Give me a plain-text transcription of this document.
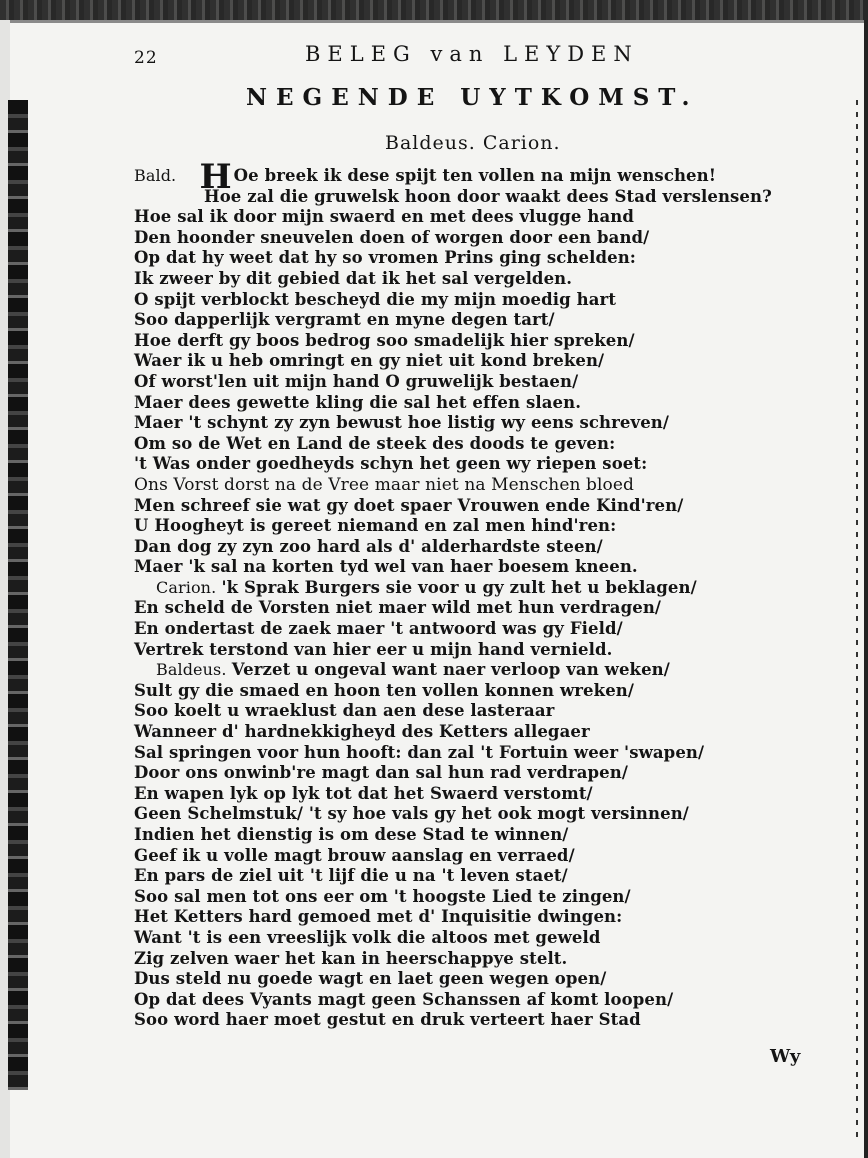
22	BELEG van LEYDEN
NEGENDE UYTKOMST.
Baldeus. Carion.
Bald. H Oe breek ik dese spijt ten vollen na mijn wenschen!
Hoe zal die gruwelsk hoon door waakt dees Stad verslensen?
Hoe sal ik door mijn swaerd en met dees vlugge hand
Den hoonder sneuvelen doen of worgen door een band/
Op dat hy weet dat hy so vromen Prins ging schelden:
Ik zweer by dit gebied dat ik het sal vergelden.
O spijt verblockt bescheyd die my mijn moedig hart
Soo dapperlijk vergramt en myne degen tart/
Hoe derft gy boos bedrog soo smadelijk hier spreken/
Waer ik u heb omringt en gy niet uit kond breken/
Of worst'len uit mijn hand O gruwelijk bestaen/
Maer dees gewette kling die sal het effen slaen.
Maer 't schynt zy zyn bewust hoe listig wy eens schreven/
Om so de Wet en Land de steek des doods te geven:
't Was onder goedheyds schyn het geen wy riepen soet:
Ons Vorst dorst na de Vree maar niet na Menschen bloed
Men schreef sie wat gy doet spaer Vrouwen ende Kind'ren/
U Hoogheyt is gereet niemand en zal men hind'ren:
Dan dog zy zyn zoo hard als d' alderhardste steen/
Maer 'k sal na korten tyd wel van haer boesem kneen.
Carion. 'k Sprak Burgers sie voor u gy zult het u beklagen/
En scheld de Vorsten niet maer wild met hun verdragen/
En ondertast de zaek maer 't antwoord was gy Field/
Vertrek terstond van hier eer u mijn hand vernield.
Baldeus. Verzet u ongeval want naer verloop van weken/
Sult gy die smaed en hoon ten vollen konnen wreken/
Soo koelt u wraeklust dan aen dese lasteraar
Wanneer d' hardnekkigheyd des Ketters allegaer
Sal springen voor hun hooft: dan zal 't Fortuin weer 'swapen/
Door ons onwinb're magt dan sal hun rad verdrapen/
En wapen lyk op lyk tot dat het Swaerd verstomt/
Geen Schelmstuk/ 't sy hoe vals gy het ook mogt versinnen/
Indien het dienstig is om dese Stad te winnen/
Geef ik u volle magt brouw aanslag en verraed/
En pars de ziel uit 't lijf die u na 't leven staet/
Soo sal men tot ons eer om 't hoogste Lied te zingen/
Het Ketters hard gemoed met d' Inquisitie dwingen:
Want 't is een vreeslijk volk die altoos met geweld
Zig zelven waer het kan in heerschappye stelt.
Dus steld nu goede wagt en laet geen wegen open/
Op dat dees Vyants magt geen Schanssen af komt loopen/
Soo word haer moet gestut en druk verteert haer Stad
Wy
